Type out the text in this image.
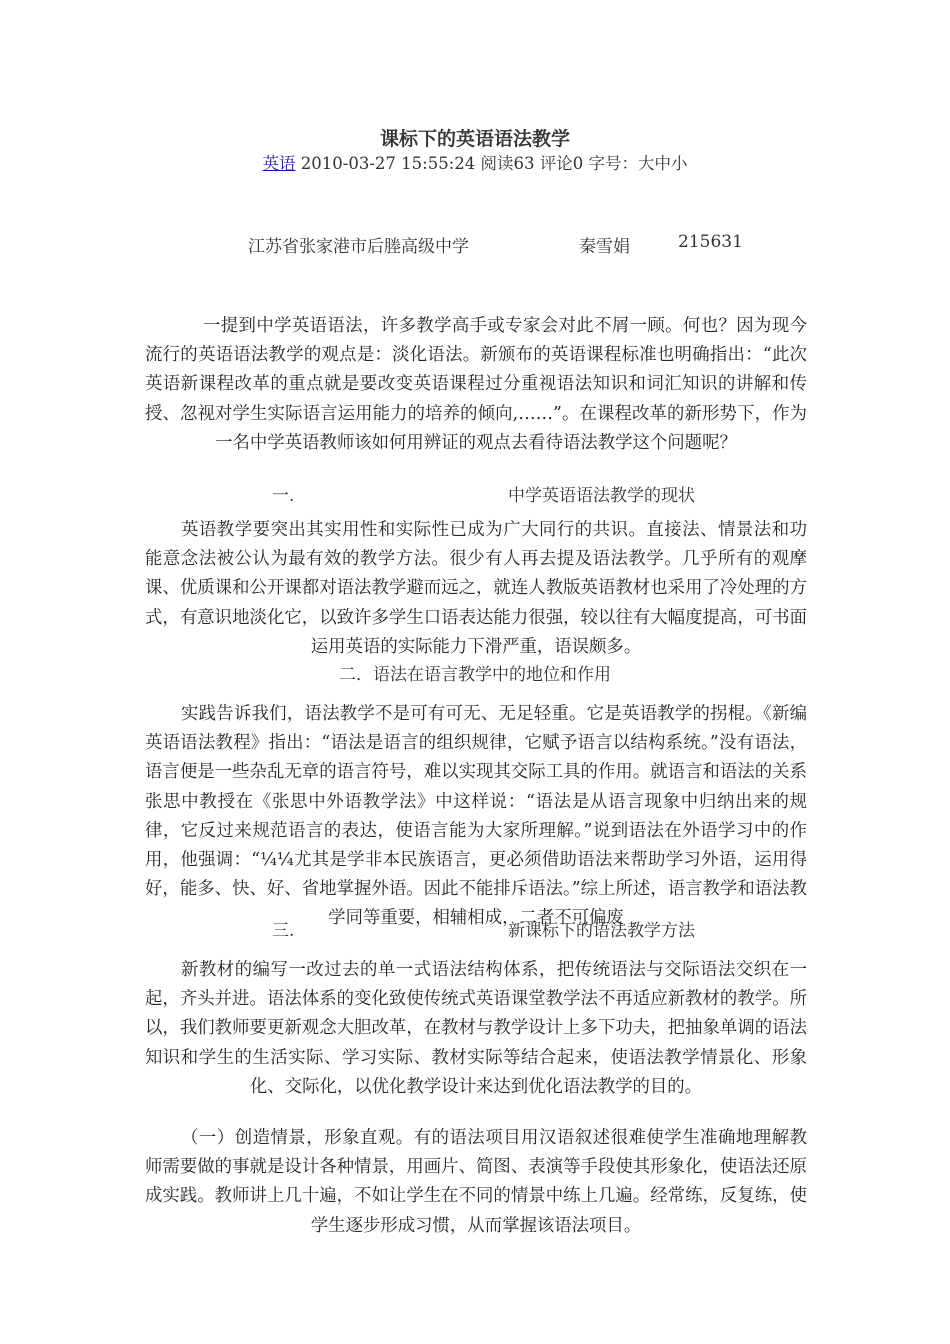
课标下的英语语法教学
英语 2010-03-27 15:55:24 阅读63 评论0 字号：大中小
江苏省张家港市后塍高级中学	秦雪娟	215631
一提到中学英语语法，许多教学高手或专家会对此不屑一顾。何也？因为现今流行的英语语法教学的观点是：淡化语法。新颁布的英语课程标准也明确指出：“此次英语新课程改革的重点就是要改变英语课程过分重视语法知识和词汇知识的讲解和传授、忽视对学生实际语言运用能力的培养的倾向,……”。在课程改革的新形势下，作为一名中学英语教师该如何用辨证的观点去看待语法教学这个问题呢？
一.	中学英语语法教学的现状
英语教学要突出其实用性和实际性已成为广大同行的共识。直接法、情景法和功能意念法被公认为最有效的教学方法。很少有人再去提及语法教学。几乎所有的观摩课、优质课和公开课都对语法教学避而远之，就连人教版英语教材也采用了冷处理的方式，有意识地淡化它，以致许多学生口语表达能力很强，较以往有大幅度提高，可书面运用英语的实际能力下滑严重，语误颇多。
二．语法在语言教学中的地位和作用
实践告诉我们，语法教学不是可有可无、无足轻重。它是英语教学的拐棍。《新编英语语法教程》指出：“语法是语言的组织规律，它赋予语言以结构系统。”没有语法，语言便是一些杂乱无章的语言符号，难以实现其交际工具的作用。就语言和语法的关系张思中教授在《张思中外语教学法》中这样说：“语法是从语言现象中归纳出来的规律，它反过来规范语言的表达，使语言能为大家所理解。”说到语法在外语学习中的作用，他强调：“¼¼尤其是学非本民族语言，更必须借助语法来帮助学习外语，运用得好，能多、快、好、省地掌握外语。因此不能排斥语法。”综上所述，语言教学和语法教学同等重要，相辅相成，二者不可偏废
三.	新课标下的语法教学方法
新教材的编写一改过去的单一式语法结构体系，把传统语法与交际语法交织在一起，齐头并进。语法体系的变化致使传统式英语课堂教学法不再适应新教材的教学。所以，我们教师要更新观念大胆改革，在教材与教学设计上多下功夫，把抽象单调的语法知识和学生的生活实际、学习实际、教材实际等结合起来，使语法教学情景化、形象化、交际化，以优化教学设计来达到优化语法教学的目的。
（一）创造情景，形象直观。有的语法项目用汉语叙述很难使学生准确地理解教师需要做的事就是设计各种情景，用画片、简图、表演等手段使其形象化，使语法还原成实践。教师讲上几十遍，不如让学生在不同的情景中练上几遍。经常练，反复练，使学生逐步形成习惯，从而掌握该语法项目。
